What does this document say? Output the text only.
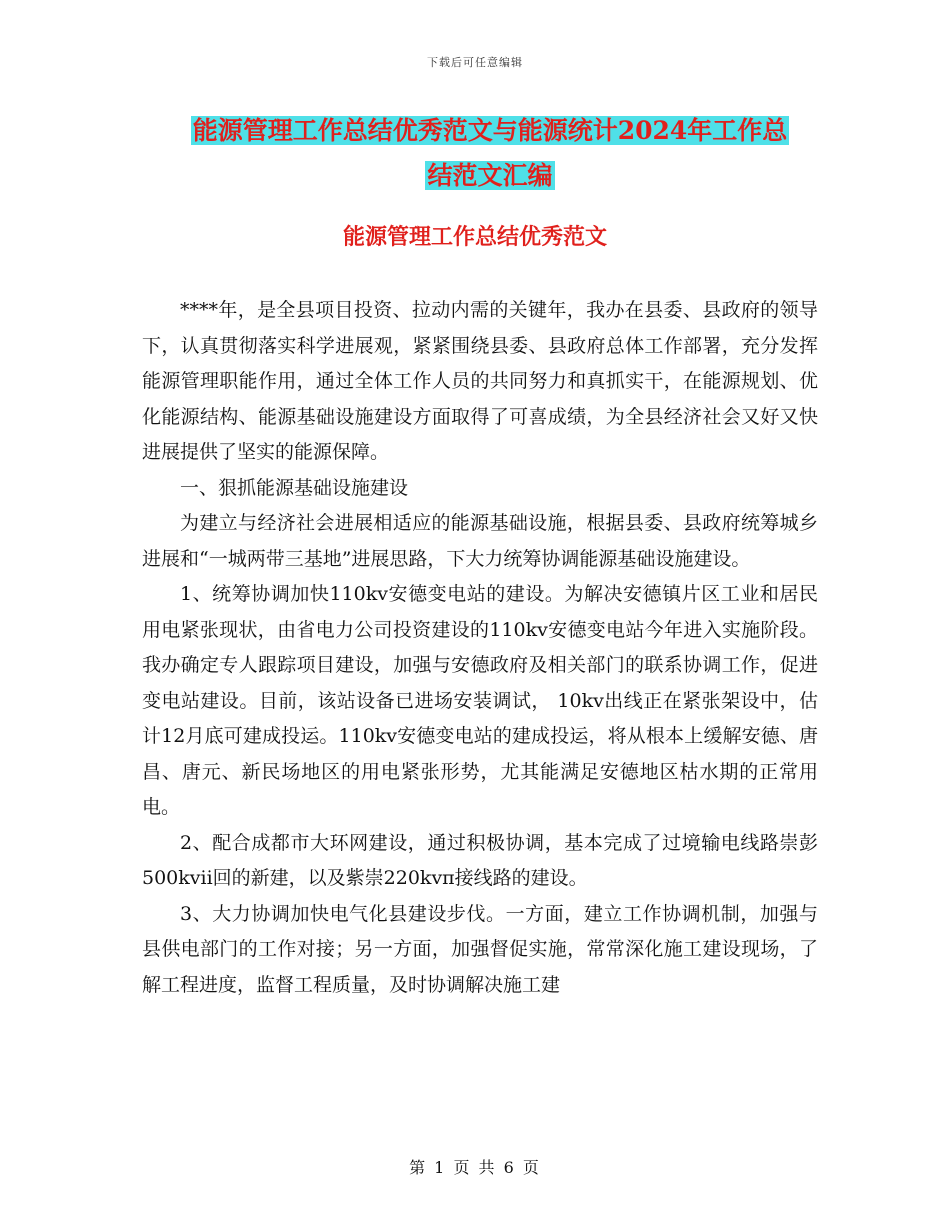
下载后可任意编辑
能源管理工作总结优秀范文与能源统计2024年工作总
结范文汇编
能源管理工作总结优秀范文

****年，是全县项目投资、拉动内需的关键年，我办在县委、县政府的领导下，认真贯彻落实科学进展观，紧紧围绕县委、县政府总体工作部署，充分发挥能源管理职能作用，通过全体工作人员的共同努力和真抓实干，在能源规划、优化能源结构、能源基础设施建设方面取得了可喜成绩，为全县经济社会又好又快进展提供了坚实的能源保障。

一、狠抓能源基础设施建设

为建立与经济社会进展相适应的能源基础设施，根据县委、县政府统筹城乡进展和“一城两带三基地”进展思路，下大力统筹协调能源基础设施建设。

1、统筹协调加快110kv安德变电站的建设。为解决安德镇片区工业和居民用电紧张现状，由省电力公司投资建设的110kv安德变电站今年进入实施阶段。我办确定专人跟踪项目建设，加强与安德政府及相关部门的联系协调工作，促进变电站建设。目前，该站设备已进场安装调试， 10kv出线正在紧张架设中，估计12月底可建成投运。110kv安德变电站的建成投运，将从根本上缓解安德、唐昌、唐元、新民场地区的用电紧张形势，尤其能满足安德地区枯水期的正常用电。

2、配合成都市大环网建设，通过积极协调，基本完成了过境输电线路崇彭500kvii回的新建，以及紫崇220kvπ接线路的建设。

3、大力协调加快电气化县建设步伐。一方面，建立工作协调机制，加强与县供电部门的工作对接；另一方面，加强督促实施，常常深化施工建设现场，了解工程进度，监督工程质量，及时协调解决施工建

第 1 页 共 6 页
